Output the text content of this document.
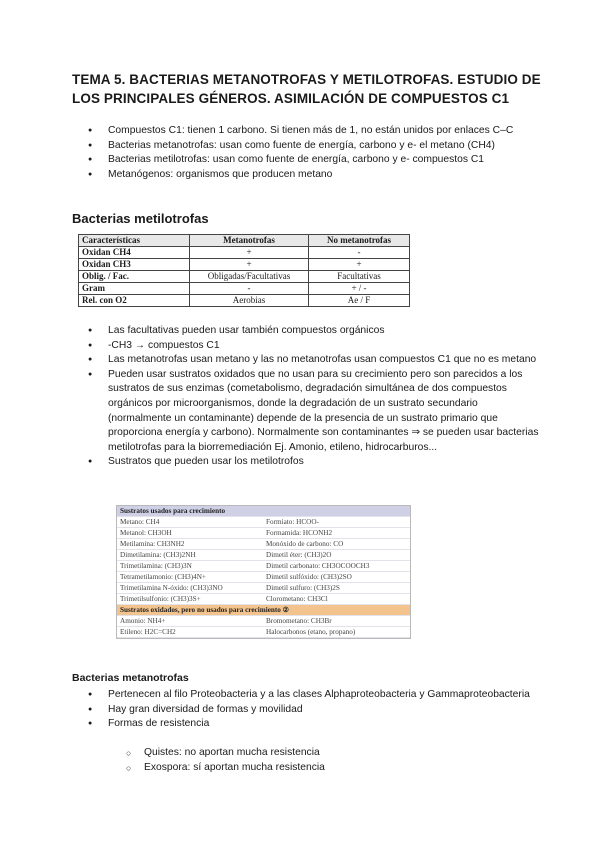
TEMA 5. BACTERIAS METANOTROFAS Y METILOTROFAS. ESTUDIO DE LOS PRINCIPALES GÉNEROS. ASIMILACIÓN DE COMPUESTOS C1
● Compuestos C1: tienen 1 carbono. Si tienen más de 1, no están unidos por enlaces C–C
● Bacterias metanotrofas: usan como fuente de energía, carbono y e- el metano (CH4)
● Bacterias metilotrofas: usan como fuente de energía, carbono y e- compuestos C1
● Metanógenos: organismos que producen metano
Bacterias metilotrofas
Características	Metanotrofas	No metanotrofas
Oxidan CH4	+	-
Oxidan CH3	+	+
Oblig. / Fac.	Obligadas/Facultativas	Facultativas
Gram	-	+ / -
Rel. con O2	Aerobias	Ae / F
● Las facultativas pueden usar también compuestos orgánicos
● -CH3 → compuestos C1
● Las metanotrofas usan metano y las no metanotrofas usan compuestos C1 que no es metano
● Pueden usar sustratos oxidados que no usan para su crecimiento pero son parecidos a los sustratos de sus enzimas (cometabolismo, degradación simultánea de dos compuestos orgánicos por microorganismos, donde la degradación de un sustrato secundario (normalmente un contaminante) depende de la presencia de un sustrato primario que proporciona energía y carbono). Normalmente son contaminantes ⇒ se pueden usar bacterias metilotrofas para la biorremediación Ej. Amonio, etileno, hidrocarburos...
● Sustratos que pueden usar los metilotrofos
Sustratos usados para crecimiento	
Metano: CH4	Formiato: HCOO-
Metanol: CH3OH	Formamida: HCONH2
Metilamina: CH3NH2	Monóxido de carbono: CO
Dimetilamina: (CH3)2NH	Dimetil éter: (CH3)2O
Trimetilamina: (CH3)3N	Dimetil carbonato: CH3OCOOCH3
Tetrametilamonio: (CH3)4N+	Dimetil sulfóxido: (CH3)2SO
Trimetilamina N-óxido: (CH3)3NO	Dimetil sulfuro: (CH3)2S
Trimetilsulfonio: (CH3)3S+	Clorometano: CH3Cl
Sustratos oxidados, pero no usados para crecimiento ②	
Amonio: NH4+	Bromometano: CH3Br
Etileno: H2C=CH2	Halocarbonos (etano, propano)
Bacterias metanotrofas
● Pertenecen al filo Proteobacteria y a las clases Alphaproteobacteria y Gammaproteobacteria
● Hay gran diversidad de formas y movilidad
● Formas de resistencia
○ Quistes: no aportan mucha resistencia
○ Exospora: sí aportan mucha resistencia
